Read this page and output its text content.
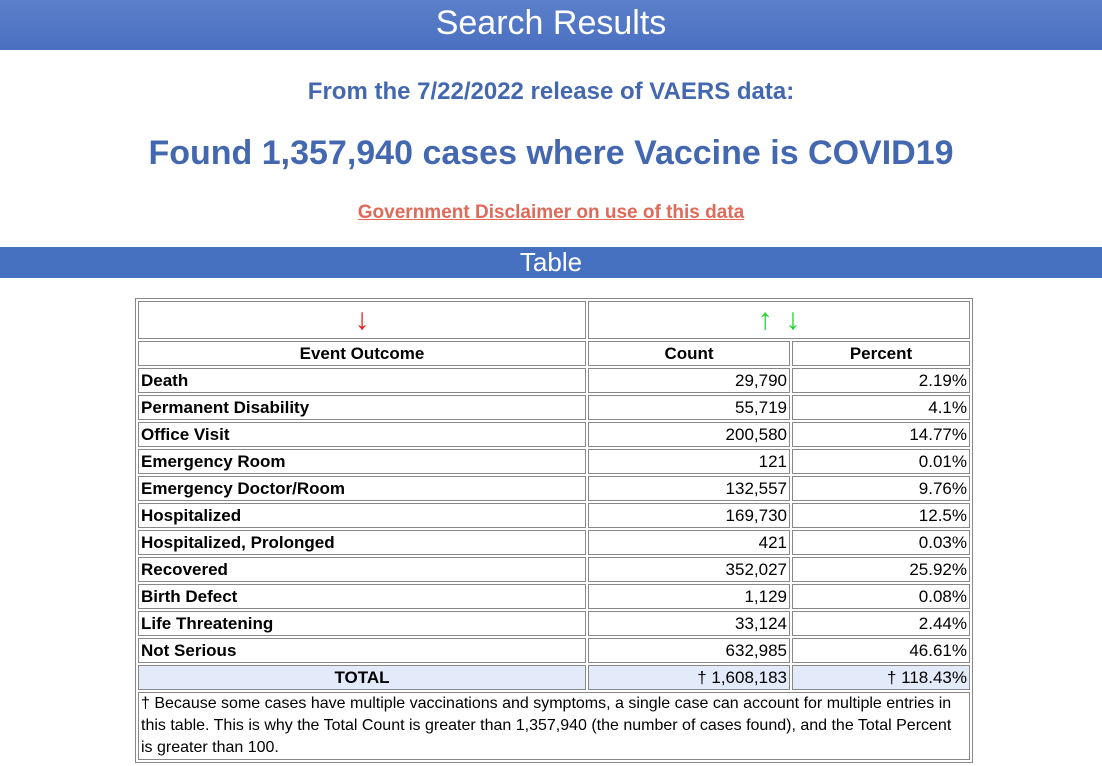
Search Results
From the 7/22/2022 release of VAERS data:
Found 1,357,940 cases where Vaccine is COVID19
Government Disclaimer on use of this data
Table
↓	↑ ↓	
Event Outcome	Count	Percent
Death	29,790	2.19%
Permanent Disability	55,719	4.1%
Office Visit	200,580	14.77%
Emergency Room	121	0.01%
Emergency Doctor/Room	132,557	9.76%
Hospitalized	169,730	12.5%
Hospitalized, Prolonged	421	0.03%
Recovered	352,027	25.92%
Birth Defect	1,129	0.08%
Life Threatening	33,124	2.44%
Not Serious	632,985	46.61%
TOTAL	† 1,608,183	† 118.43%
† Because some cases have multiple vaccinations and symptoms, a single case can account for multiple entries in this table. This is why the Total Count is greater than 1,357,940 (the number of cases found), and the Total Percent is greater than 100.		
